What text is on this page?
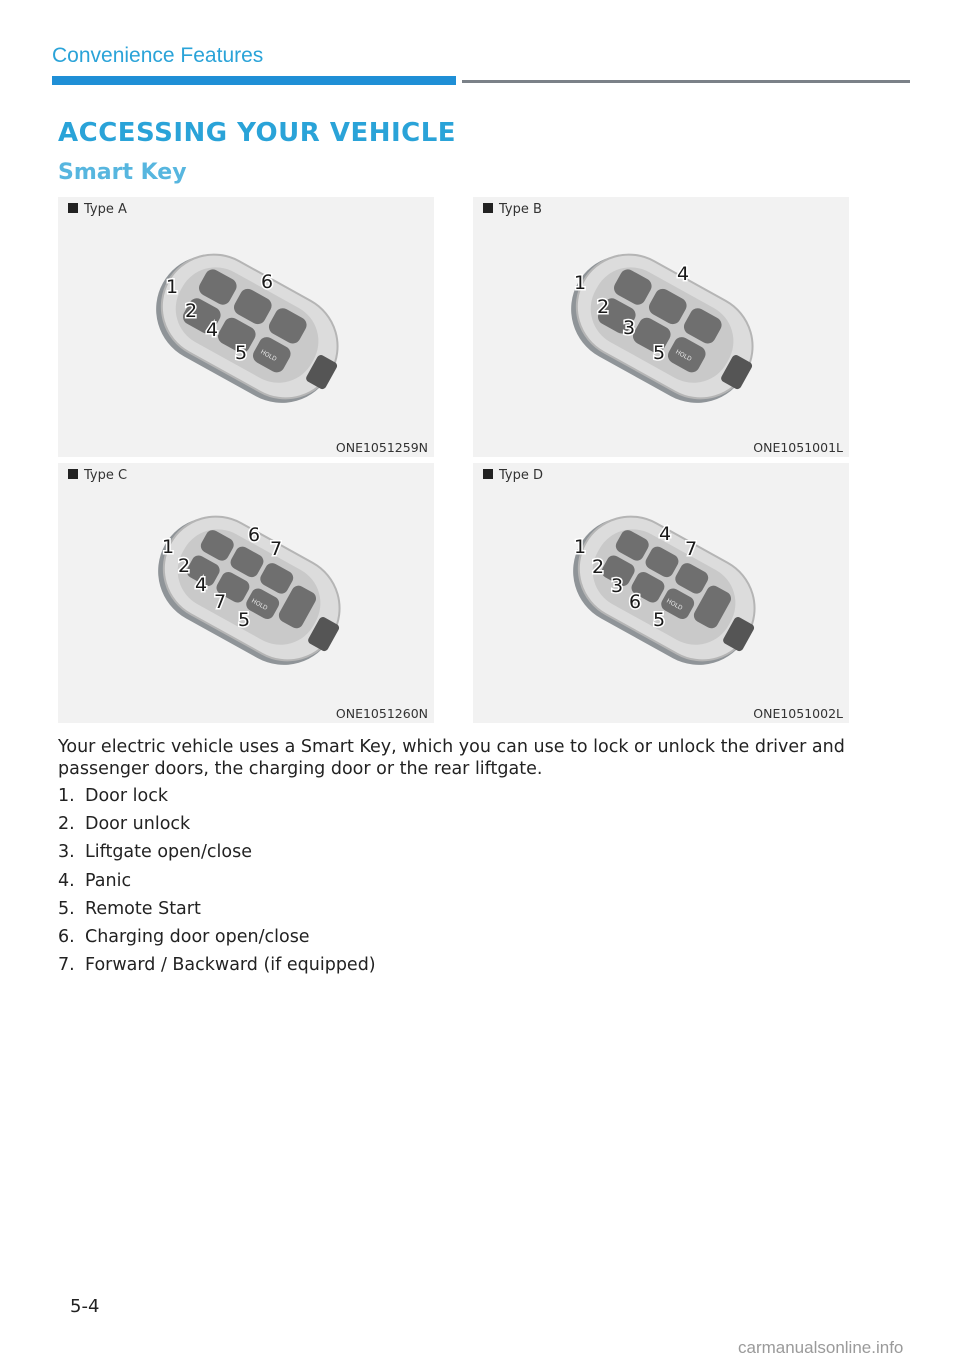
Convenience Features
ACCESSING YOUR VEHICLE
Smart Key
HOLD
1
2
4
5
6
Type A
ONE1051259N
HOLD
1
2
3
5
4
Type B
ONE1051001L
HOLD
1
2
4
7
5
6
7
Type C
ONE1051260N
HOLD
1
2
3
6
5
4
7
Type D
ONE1051002L

Your electric vehicle uses a Smart Key, which you can use to lock or unlock the driver and passenger doors, the charging door or the rear liftgate.

1. Door lock
2. Door unlock
3. Liftgate open/close
4. Panic
5. Remote Start
6. Charging door open/close
7. Forward / Backward (if equipped)
5-4
carmanualsonline.info
